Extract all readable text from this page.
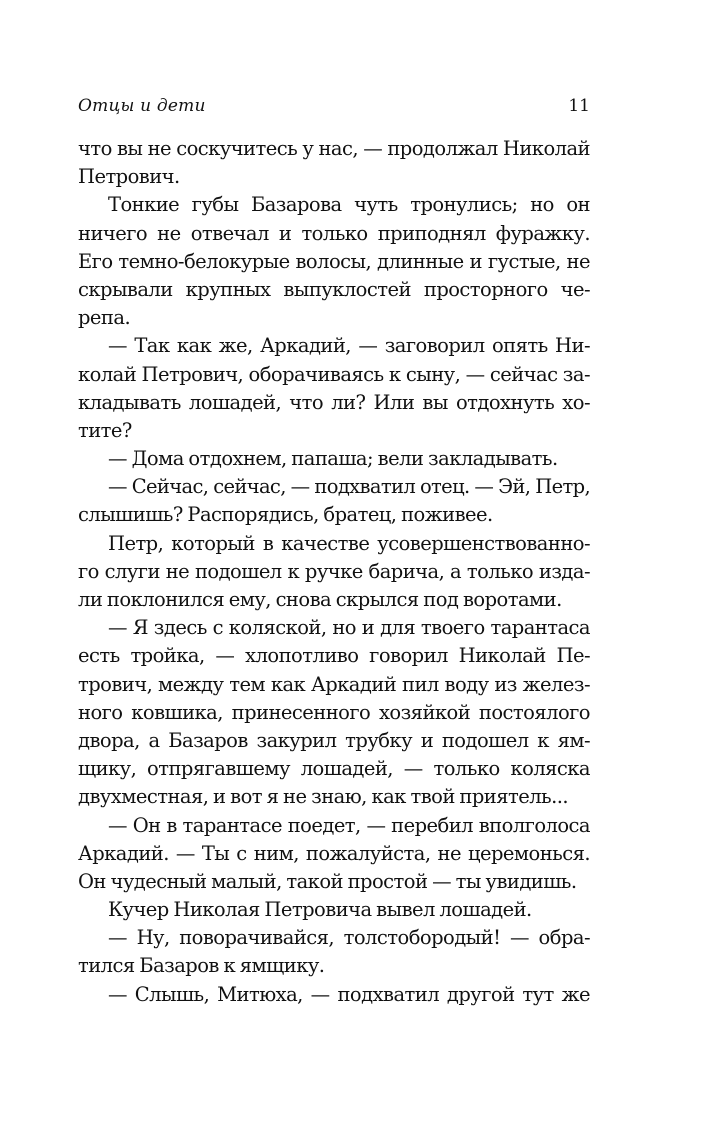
Отцы и дети	11
что вы не соскучитесь у нас, — продолжал Николай
Петрович.
Тонкие губы Базарова чуть тронулись; но он
ничего не отвечал и только приподнял фуражку.
Его темно-белокурые волосы, длинные и густые, не
скрывали крупных выпуклостей просторного че-
репа.
— Так как же, Аркадий, — заговорил опять Ни-
колай Петрович, оборачиваясь к сыну, — сейчас за-
кладывать лошадей, что ли? Или вы отдохнуть хо-
тите?
— Дома отдохнем, папаша; вели закладывать.
— Сейчас, сейчас, — подхватил отец. — Эй, Петр,
слышишь? Распорядись, братец, поживее.
Петр, который в качестве усовершенствованно-
го слуги не подошел к ручке барича, а только изда-
ли поклонился ему, снова скрылся под воротами.
— Я здесь с коляской, но и для твоего тарантаса
есть тройка, — хлопотливо говорил Николай Пе-
трович, между тем как Аркадий пил воду из желез-
ного ковшика, принесенного хозяйкой постоялого
двора, а Базаров закурил трубку и подошел к ям-
щику, отпрягавшему лошадей, — только коляска
двухместная, и вот я не знаю, как твой приятель...
— Он в тарантасе поедет, — перебил вполголоса
Аркадий. — Ты с ним, пожалуйста, не церемонься.
Он чудесный малый, такой простой — ты увидишь.
Кучер Николая Петровича вывел лошадей.
— Ну, поворачивайся, толстобородый! — обра-
тился Базаров к ямщику.
— Слышь, Митюха, — подхватил другой тут же
